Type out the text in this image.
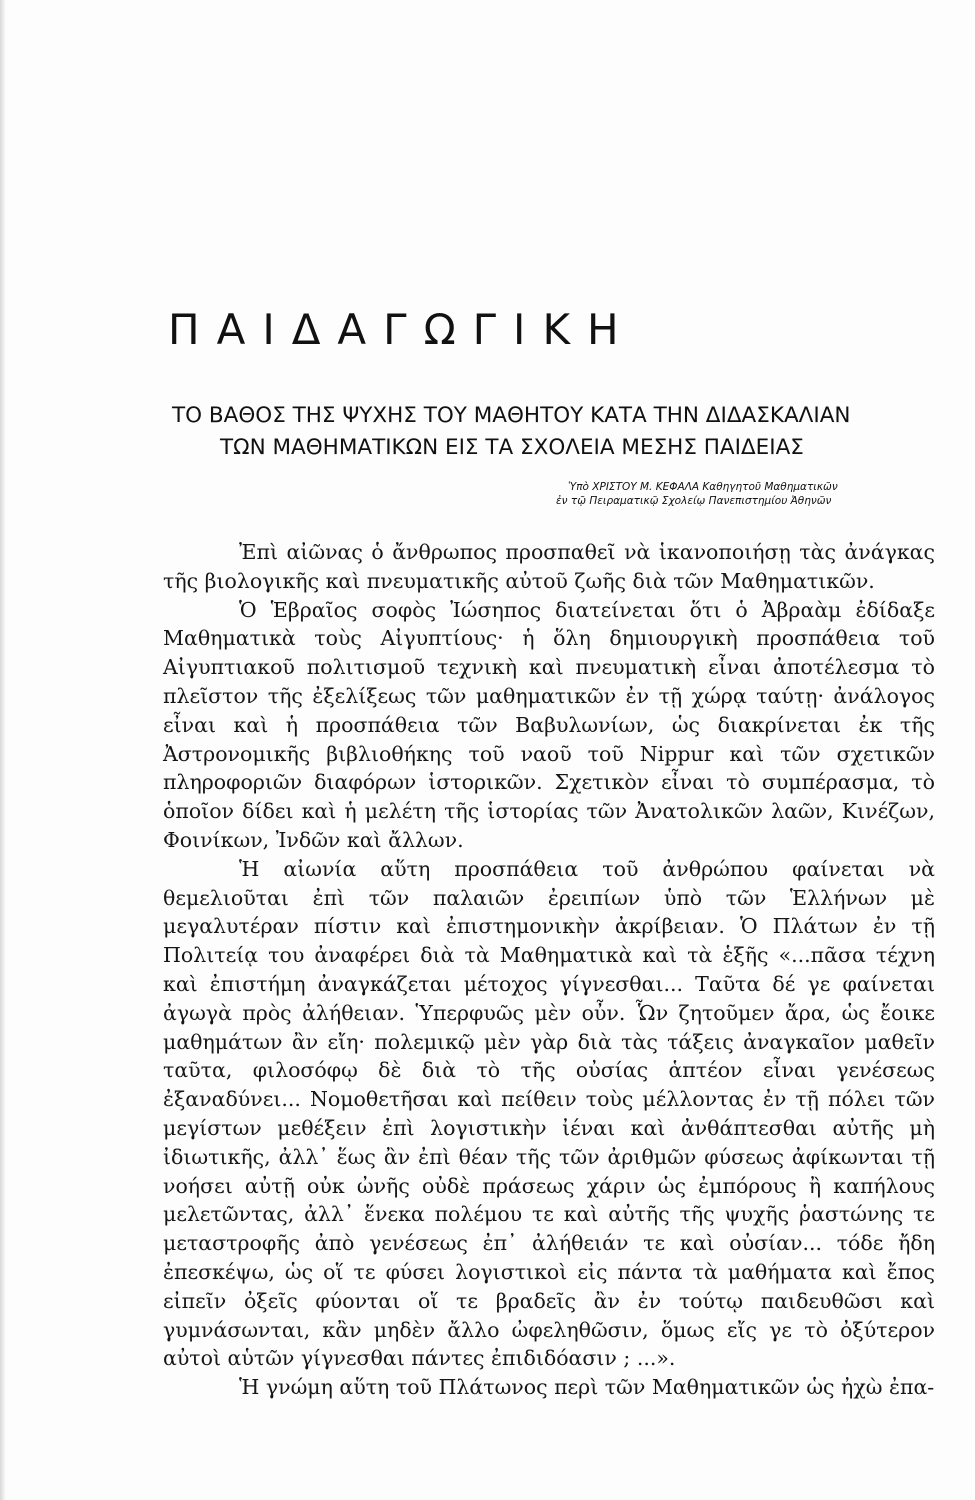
ΠΑΙΔΑΓΩΓΙΚΗ
ΤΟ ΒΑΘΟΣ ΤΗΣ ΨΥΧΗΣ ΤΟΥ ΜΑΘΗΤΟΥ ΚΑΤΑ ΤΗΝ ΔΙΔΑΣΚΑΛΙΑΝ
ΤΩΝ ΜΑΘΗΜΑΤΙΚΩΝ ΕΙΣ ΤΑ ΣΧΟΛΕΙΑ ΜΕΣΗΣ ΠΑΙΔΕΙΑΣ
Ὑπὸ ΧΡΙΣΤΟΥ Μ. ΚΕΦΑΛΑ Καθηγητοῦ Μαθηματικῶν
ἐν τῷ Πειραματικῷ Σχολείῳ Πανεπιστημίου Ἀθηνῶν

Ἐπὶ αἰῶνας ὁ ἄνθρωπος προσπαθεῖ νὰ ἱκανοποιήσῃ τὰς ἀνάγκας τῆς βιολογικῆς καὶ πνευματικῆς αὐτοῦ ζωῆς διὰ τῶν Μαθηματικῶν.

Ὁ Ἑβραῖος σοφὸς Ἰώσηπος διατείνεται ὅτι ὁ Ἀβραὰμ ἐδίδαξε Μαθηματικὰ τοὺς Αἰγυπτίους· ἡ ὅλη δημιουργικὴ προσπάθεια τοῦ Αἰγυπτιακοῦ πολιτισμοῦ τεχνικὴ καὶ πνευματικὴ εἶναι ἀποτέλεσμα τὸ πλεῖστον τῆς ἐξελίξεως τῶν μαθηματικῶν ἐν τῇ χώρᾳ ταύτῃ· ἀνάλογος εἶναι καὶ ἡ προσπάθεια τῶν Βαβυλωνίων, ὡς διακρίνεται ἐκ τῆς Ἀστρονομικῆς βιβλιοθήκης τοῦ ναοῦ τοῦ Nippur καὶ τῶν σχετικῶν πληροφοριῶν διαφόρων ἱστορικῶν. Σχετικὸν εἶναι τὸ συμπέρασμα, τὸ ὁποῖον δίδει καὶ ἡ μελέτη τῆς ἱστορίας τῶν Ἀνατολικῶν λαῶν, Κινέζων, Φοινίκων, Ἰνδῶν καὶ ἄλλων.

Ἡ αἰωνία αὕτη προσπάθεια τοῦ ἀνθρώπου φαίνεται νὰ θεμελιοῦται ἐπὶ τῶν παλαιῶν ἐρειπίων ὑπὸ τῶν Ἑλλήνων μὲ μεγαλυτέραν πίστιν καὶ ἐπιστημονικὴν ἀκρίβειαν. Ὁ Πλάτων ἐν τῇ Πολιτείᾳ του ἀναφέρει διὰ τὰ Μαθηματικὰ καὶ τὰ ἑξῆς «...πᾶσα τέχνη καὶ ἐπιστήμη ἀναγκάζεται μέτοχος γίγνεσθαι... Ταῦτα δέ γε φαίνεται ἀγωγὰ πρὸς ἀλήθειαν. Ὑπερφυῶς μὲν οὖν. Ὧν ζητοῦμεν ἄρα, ὡς ἔοικε μαθημάτων ἂν εἴη· πολεμικῷ μὲν γὰρ διὰ τὰς τάξεις ἀναγκαῖον μαθεῖν ταῦτα, φιλοσόφῳ δὲ διὰ τὸ τῆς οὐσίας ἁπτέον εἶναι γενέσεως ἐξαναδύνει... Νομοθετῆσαι καὶ πείθειν τοὺς μέλλοντας ἐν τῇ πόλει τῶν μεγίστων μεθέξειν ἐπὶ λογιστικὴν ἰέναι καὶ ἀνθάπτεσθαι αὐτῆς μὴ ἰδιωτικῆς, ἀλλ᾽ ἕως ἂν ἐπὶ θέαν τῆς τῶν ἀριθμῶν φύσεως ἀφίκωνται τῇ νοήσει αὐτῇ οὐκ ὠνῆς οὐδὲ πράσεως χάριν ὡς ἐμπόρους ἢ καπήλους μελετῶντας, ἀλλ᾽ ἕνεκα πολέμου τε καὶ αὐτῆς τῆς ψυχῆς ῥαστώνης τε μεταστροφῆς ἀπὸ γενέσεως ἐπ᾽ ἀλήθειάν τε καὶ οὐσίαν... τόδε ἤδη ἐπεσκέψω, ὡς οἵ τε φύσει λογιστικοὶ εἰς πάντα τὰ μαθήματα καὶ ἔπος εἰπεῖν ὀξεῖς φύονται οἵ τε βραδεῖς ἂν ἐν τούτῳ παιδευθῶσι καὶ γυμνάσωνται, κἂν μηδὲν ἄλλο ὠφεληθῶσιν, ὅμως εἴς γε τὸ ὀξύτερον αὐτοὶ αὑτῶν γίγνεσθαι πάντες ἐπιδιδόασιν ; ...».

Ἡ γνώμη αὕτη τοῦ Πλάτωνος περὶ τῶν Μαθηματικῶν ὡς ἠχὼ ἐπα-
